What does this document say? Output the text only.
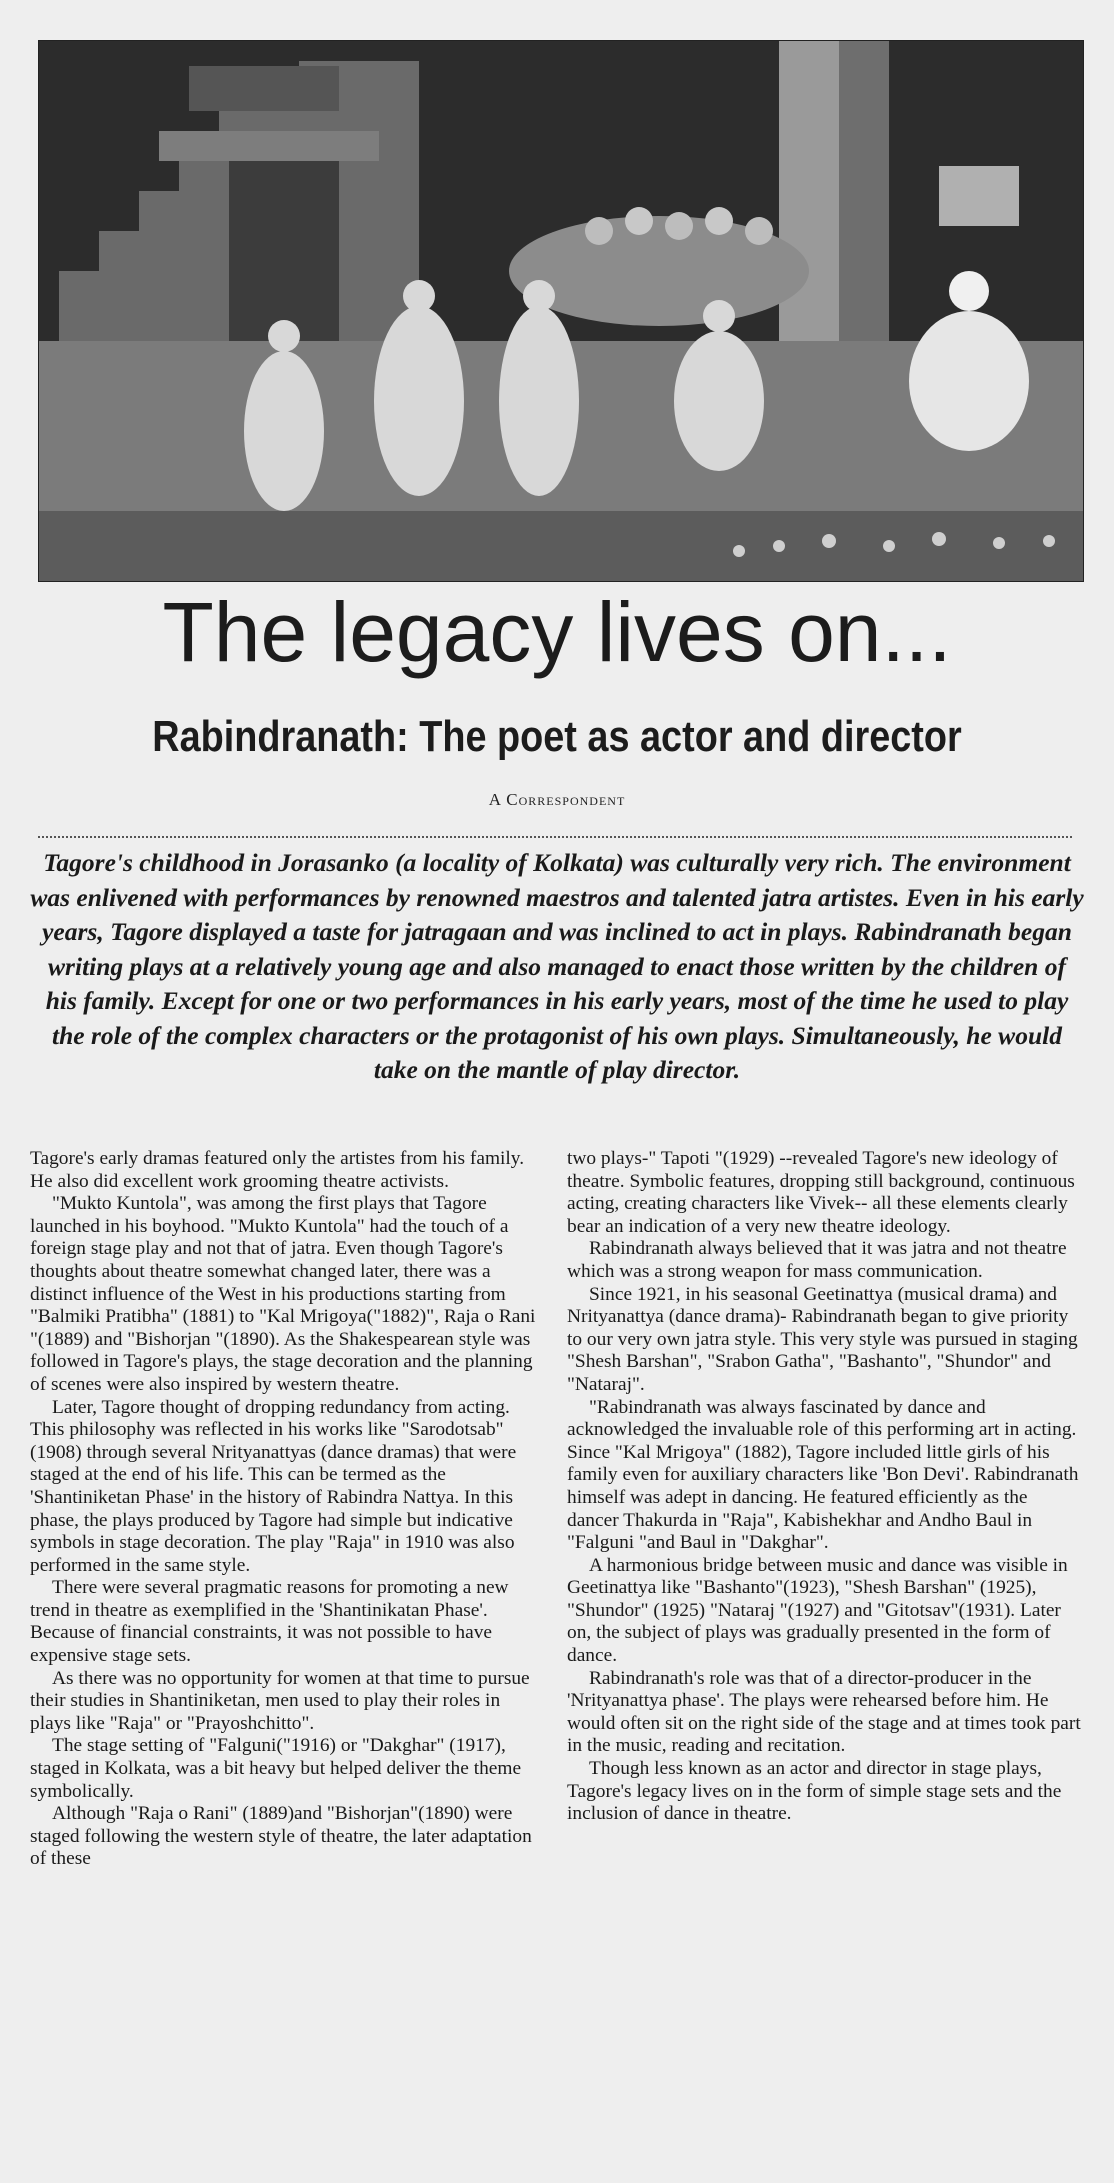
The legacy lives on...
Rabindranath: The poet as actor and director
A Correspondent
Tagore's childhood in Jorasanko (a locality of Kolkata) was culturally very rich. The environment was enlivened with performances by renowned maestros and talented jatra artistes. Even in his early years, Tagore displayed a taste for jatragaan and was inclined to act in plays. Rabindranath began writing plays at a relatively young age and also managed to enact those written by the children of his family. Except for one or two performances in his early years, most of the time he used to play the role of the complex characters or the protagonist of his own plays. Simultaneously, he would take on the mantle of play director.

Tagore's early dramas featured only the artistes from his family. He also did excellent work grooming theatre activists.

"Mukto Kuntola", was among the first plays that Tagore launched in his boyhood. "Mukto Kuntola" had the touch of a foreign stage play and not that of jatra. Even though Tagore's thoughts about theatre somewhat changed later, there was a distinct influence of the West in his productions starting from "Balmiki Pratibha" (1881) to "Kal Mrigoya("1882)", Raja o Rani "(1889) and "Bishorjan "(1890). As the Shakespearean style was followed in Tagore's plays, the stage decoration and the planning of scenes were also inspired by western theatre.

Later, Tagore thought of dropping redundancy from acting. This philosophy was reflected in his works like "Sarodotsab" (1908) through several Nrityanattyas (dance dramas) that were staged at the end of his life. This can be termed as the 'Shantiniketan Phase' in the history of Rabindra Nattya. In this phase, the plays produced by Tagore had simple but indicative symbols in stage decoration. The play "Raja" in 1910 was also performed in the same style.

There were several pragmatic reasons for promoting a new trend in theatre as exemplified in the 'Shantinikatan Phase'. Because of financial constraints, it was not possible to have expensive stage sets.

As there was no opportunity for women at that time to pursue their studies in Shantiniketan, men used to play their roles in plays like "Raja" or "Prayoshchitto".

The stage setting of "Falguni("1916) or "Dakghar" (1917), staged in Kolkata, was a bit heavy but helped deliver the theme symbolically.

Although "Raja o Rani" (1889)and "Bishorjan"(1890) were staged following the western style of theatre, the later adaptation of these

two plays-" Tapoti "(1929) --revealed Tagore's new ideology of theatre. Symbolic features, dropping still background, continuous acting, creating characters like Vivek-- all these elements clearly bear an indication of a very new theatre ideology.

Rabindranath always believed that it was jatra and not theatre which was a strong weapon for mass communication.

Since 1921, in his seasonal Geetinattya (musical drama) and Nrityanattya (dance drama)- Rabindranath began to give priority to our very own jatra style. This very style was pursued in staging "Shesh Barshan", "Srabon Gatha", "Bashanto", "Shundor" and "Nataraj".

"Rabindranath was always fascinated by dance and acknowledged the invaluable role of this performing art in acting. Since "Kal Mrigoya" (1882), Tagore included little girls of his family even for auxiliary characters like 'Bon Devi'. Rabindranath himself was adept in dancing. He featured efficiently as the dancer Thakurda in "Raja", Kabishekhar and Andho Baul in "Falguni "and Baul in "Dakghar".

A harmonious bridge between music and dance was visible in Geetinattya like "Bashanto"(1923), "Shesh Barshan" (1925), "Shundor" (1925) "Nataraj "(1927) and "Gitotsav"(1931). Later on, the subject of plays was gradually presented in the form of dance.

Rabindranath's role was that of a director-producer in the 'Nrityanattya phase'. The plays were rehearsed before him. He would often sit on the right side of the stage and at times took part in the music, reading and recitation.

Though less known as an actor and director in stage plays, Tagore's legacy lives on in the form of simple stage sets and the inclusion of dance in theatre.
